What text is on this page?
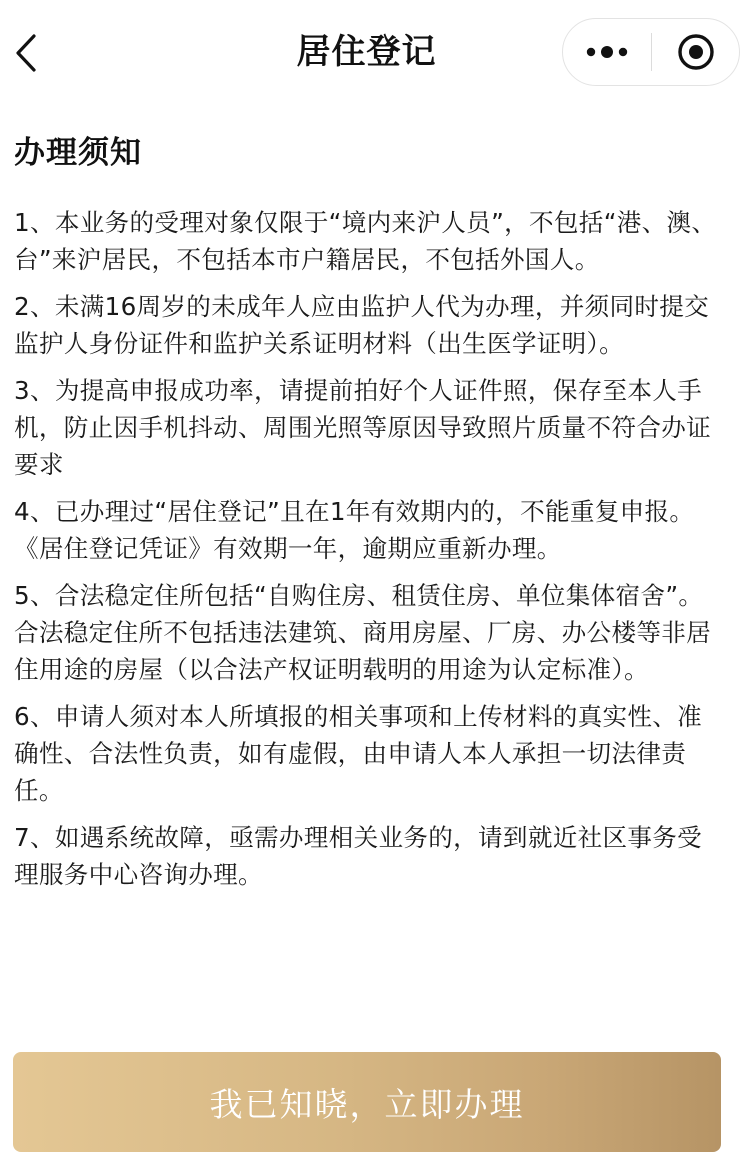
居住登记
办理须知
1、本业务的受理对象仅限于“境内来沪人员”，不包括“港、澳、台”来沪居民，不包括本市户籍居民，不包括外国人。
2、未满16周岁的未成年人应由监护人代为办理，并须同时提交监护人身份证件和监护关系证明材料（出生医学证明）。
3、为提高申报成功率，请提前拍好个人证件照，保存至本人手机，防止因手机抖动、周围光照等原因导致照片质量不符合办证要求
4、已办理过“居住登记”且在1年有效期内的，不能重复申报。《居住登记凭证》有效期一年，逾期应重新办理。
5、合法稳定住所包括“自购住房、租赁住房、单位集体宿舍”。合法稳定住所不包括违法建筑、商用房屋、厂房、办公楼等非居住用途的房屋（以合法产权证明载明的用途为认定标准）。
6、申请人须对本人所填报的相关事项和上传材料的真实性、准确性、合法性负责，如有虚假，由申请人本人承担一切法律责任。
7、如遇系统故障，亟需办理相关业务的，请到就近社区事务受理服务中心咨询办理。
我已知晓，立即办理
